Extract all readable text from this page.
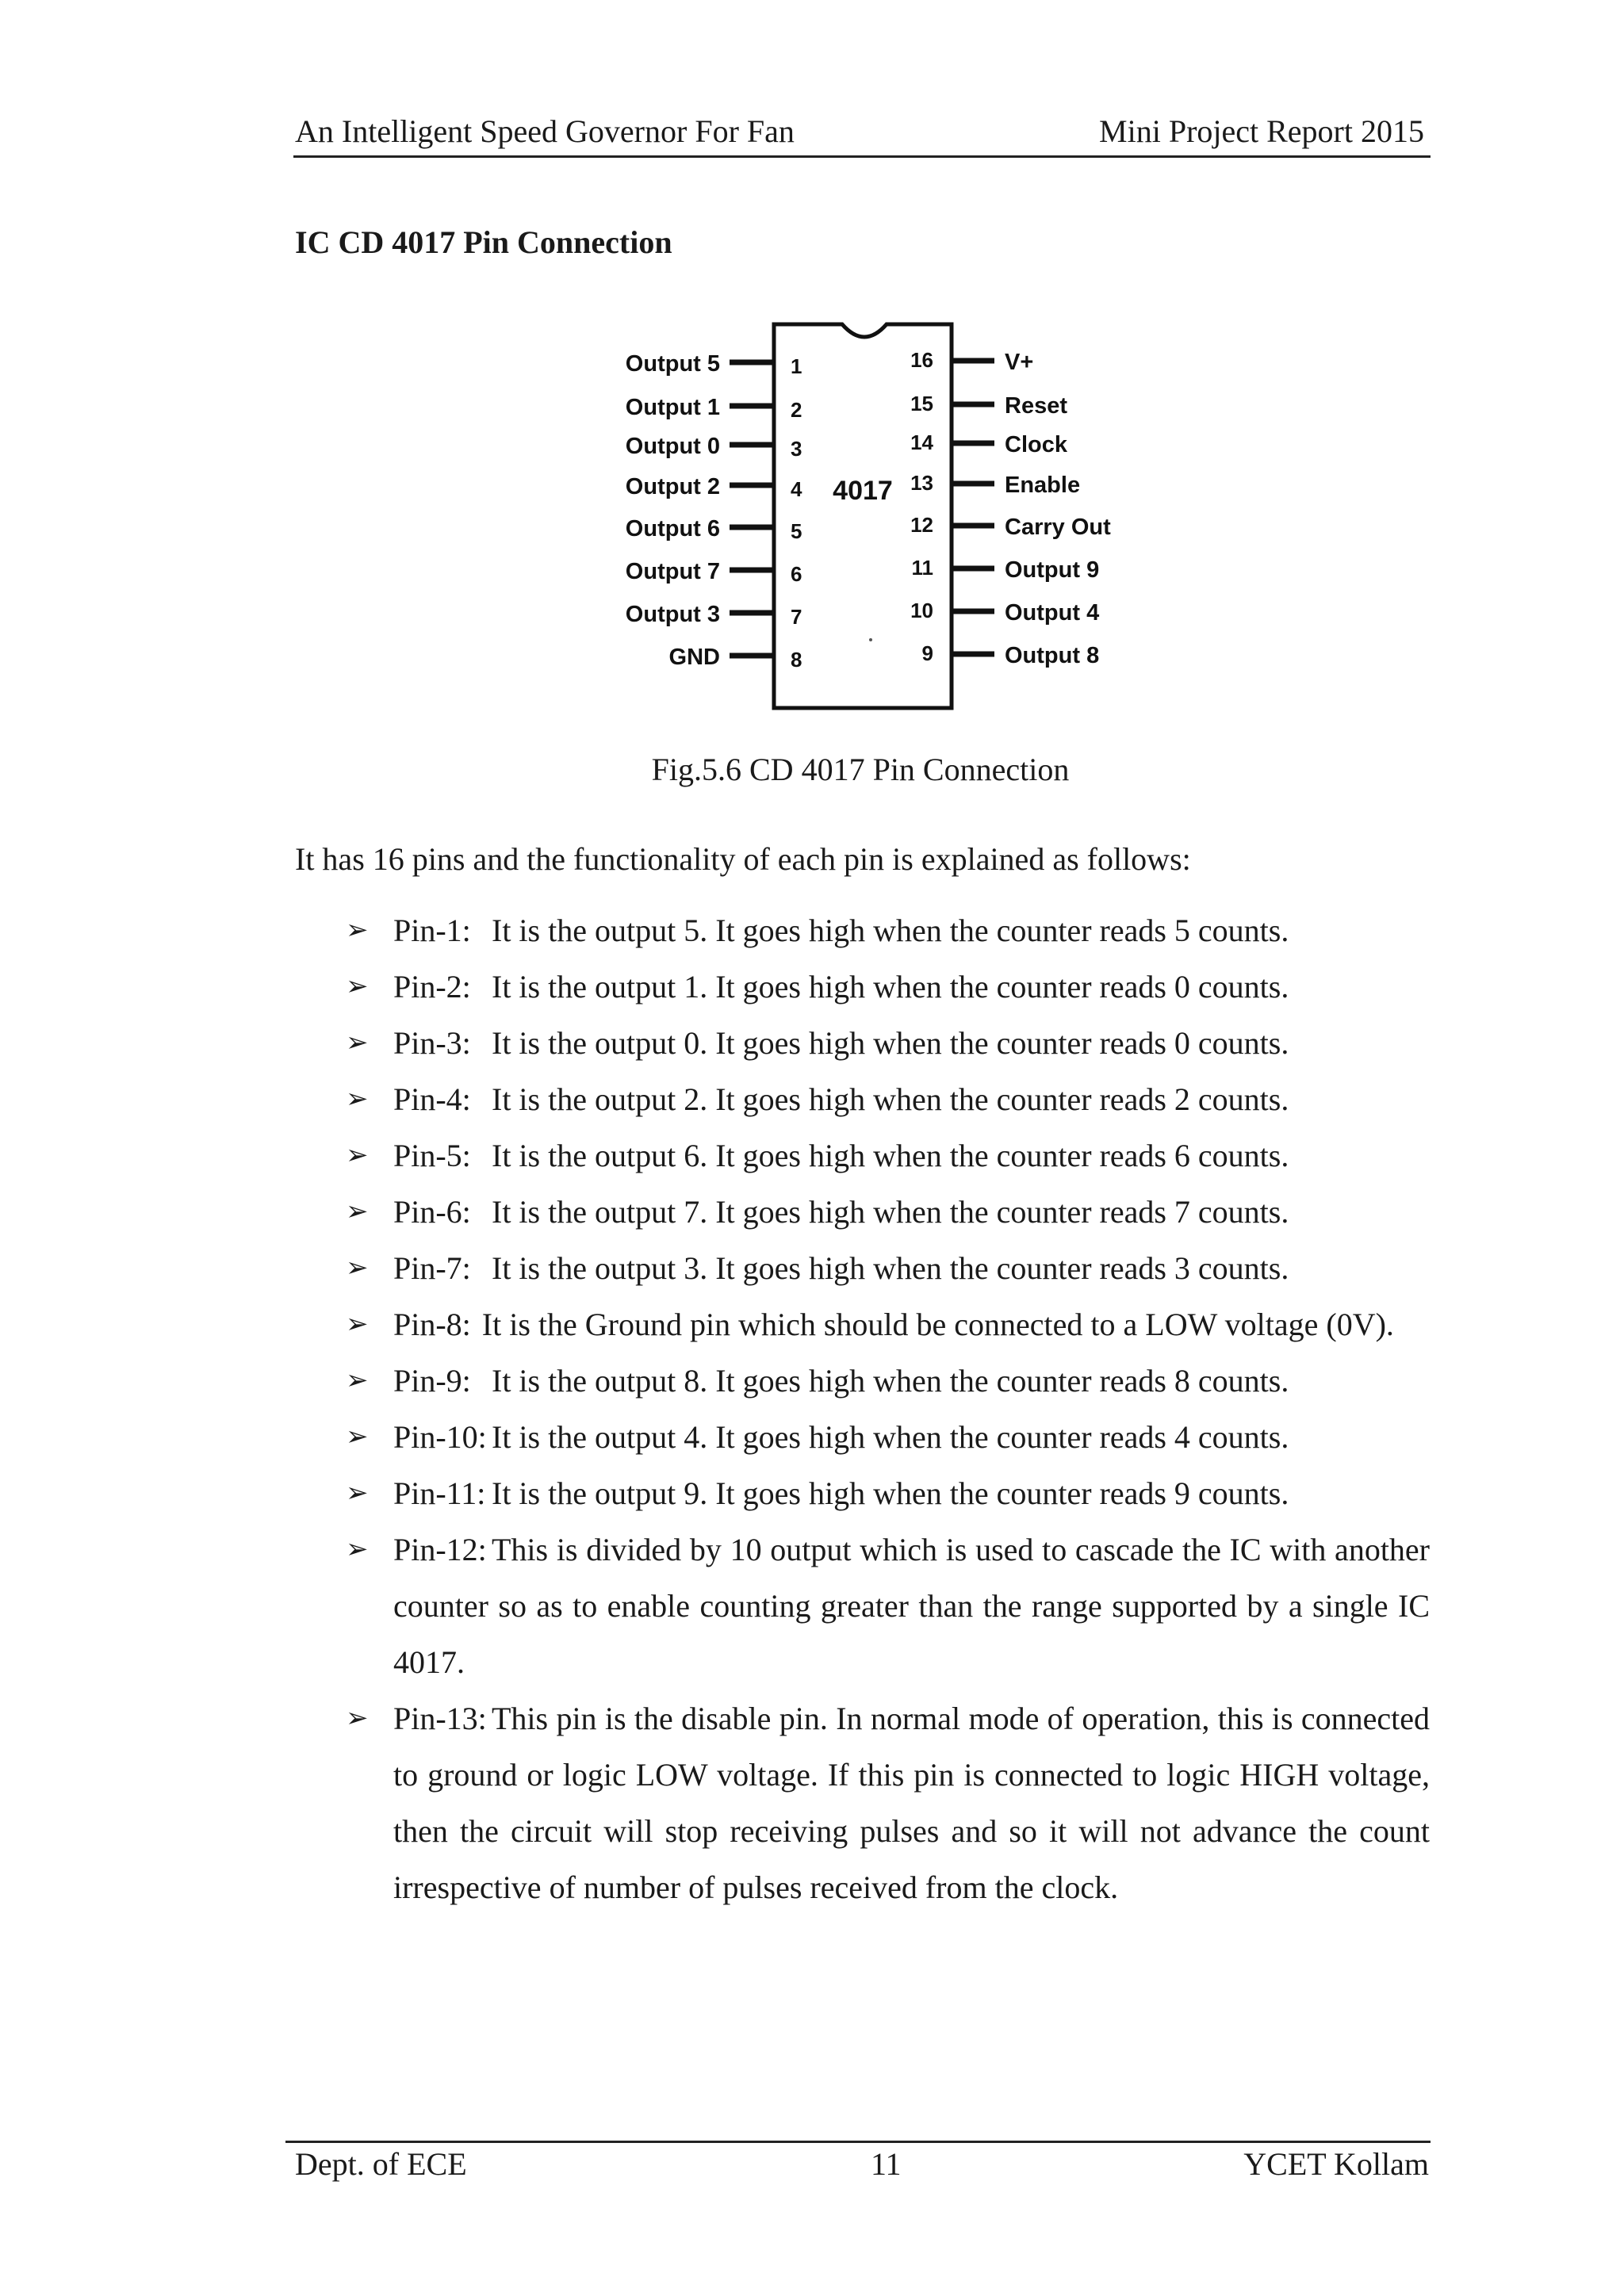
An Intelligent Speed Governor For Fan	Mini Project Report 2015
IC CD 4017 Pin Connection
4017
Output 5	1
Output 1	2
Output 0	3
Output 2	4
Output 6	5
Output 7	6
Output 3	7
GND	8
V+
16
Reset
15
Clock
14
Enable
13
Carry Out
12
Output 9
11
Output 4
10
Output 8
9
Fig.5.6 CD 4017 Pin Connection
It has 16 pins and the functionality of each pin is explained as follows:
➢ Pin-1: It is the output 5. It goes high when the counter reads 5 counts.
➢ Pin-2: It is the output 1. It goes high when the counter reads 0 counts.
➢ Pin-3: It is the output 0. It goes high when the counter reads 0 counts.
➢ Pin-4: It is the output 2. It goes high when the counter reads 2 counts.
➢ Pin-5: It is the output 6. It goes high when the counter reads 6 counts.
➢ Pin-6: It is the output 7. It goes high when the counter reads 7 counts.
➢ Pin-7: It is the output 3. It goes high when the counter reads 3 counts.
➢ Pin-8: It is the Ground pin which should be connected to a LOW voltage (0V).
➢ Pin-9: It is the output 8. It goes high when the counter reads 8 counts.
➢ Pin-10: It is the output 4. It goes high when the counter reads 4 counts.
➢ Pin-11: It is the output 9. It goes high when the counter reads 9 counts.
➢ Pin-12: This is divided by 10 output which is used to cascade the IC with another counter so as to enable counting greater than the range supported by a single IC 4017.
➢ Pin-13: This pin is the disable pin. In normal mode of operation, this is connected to ground or logic LOW voltage. If this pin is connected to logic HIGH voltage, then the circuit will stop receiving pulses and so it will not advance the count irrespective of number of pulses received from the clock.
Dept. of ECE	11	YCET Kollam
